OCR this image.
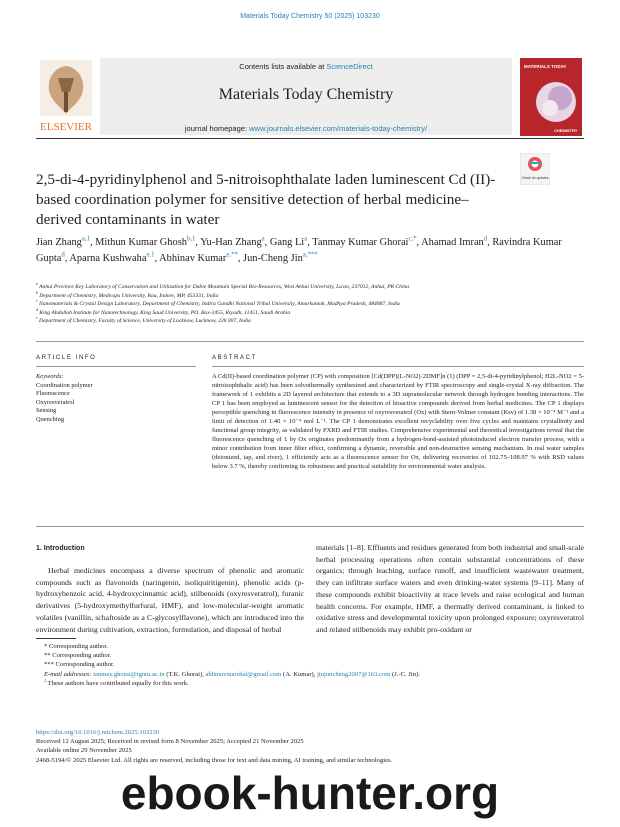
Materials Today Chemistry 50 (2025) 103230
ELSEVIER
Contents lists available at ScienceDirect
Materials Today Chemistry
journal homepage: www.journals.elsevier.com/materials-today-chemistry/
MATERIALS TODAY
CHEMISTRY
2,5-di-4-pyridinylphenol and 5-nitroisophthalate laden luminescent Cd (II)-based coordination polymer for sensitive detection of herbal medicine–derived contaminants in water
Check for updates
Jian Zhang$^{a,1}$, Mithun Kumar Ghosh$^{b,1}$, Yu-Han Zhang$^a$, Gang Li$^a$, Tanmay Kumar Ghorai$^{c,*}$, Ahamad Imran$^d$, Ravindra Kumar Gupta$^d$, Aparna Kushwaha$^{e,1}$, Abhinav Kumar$^{e,**}$, Jun-Cheng Jin$^{a,***}$
$^a$ Anhui Province Key Laboratory of Conservation and Utilization for Dabie Mountain Special Bio-Resources, West Anhui University, Lu'an, 237012, Anhui, PR China
$^b$ Department of Chemistry, Medicaps University, Rau, Indore, MP, 453331, India
$^c$ Nanomaterials & Crystal Design Laboratory, Department of Chemistry, Indira Gandhi National Tribal University, Amarkantak, Madhya Pradesh, 484887, India
$^d$ King Abdullah Institute for Nanotechnology, King Saud University, PO. Box-2455, Riyadh, 11451, Saudi Arabia
$^e$ Department of Chemistry, Faculty of Science, University of Lucknow, Lucknow, 226 007, India
ARTICLE INFO
Keywords:
Coordination polymer
Fluorescence
Oxyresveratrol
Sensing
Quenching
ABSTRACT
A Cd(II)-based coordination polymer (CP) with composition [Cd(DPP)(L-NO2)·2DMF]n (1) (DPP = 2,5-di-4-pyridinylphenol; H2L-NO2 = 5-nitroisophthalic acid) has been solvothermally synthesized and characterized by FTIR spectroscopy and single-crystal X-ray diffraction. The framework of 1 exhibits a 2D layered architecture that extends to a 3D supramolecular network through hydrogen bonding interactions. The CP 1 has been employed as luminescent sensor for the detection of bioactive compounds derived from herbal medicines. The CP 1 displays perceptible quenching in fluorescence intensity in presence of oxyresveratrol (Ox) with Stern-Volmer constant (Ksv) of 1.38 × 10⁻⁴ M⁻¹ and a limit of detection of 1.40 × 10⁻⁴ mol L⁻¹. The CP 1 demonstrates excellent recyclability over five cycles and maintains crystallinity and functional group integrity, as validated by PXRD and FTIR studies. Comprehensive experimental and theoretical investigations reveal that the fluorescence quenching of 1 by Ox originates predominantly from a hydrogen-bond-assisted photoinduced electron transfer process, with a minor contribution from inner filter effect, confirming a dynamic, reversible and non-destructive sensing mechanism. In real water samples (deionized, tap, and river), 1 efficiently acts as a fluorescence sensor for Ox, delivering recoveries of 102.75–108.97 % with RSD values below 3.7 %, thereby confirming its robustness and practical suitability for environmental water analysis.
1. Introduction
Herbal medicines encompass a diverse spectrum of phenolic and aromatic compounds such as flavonoids (naringenin, isoliquiritigenin), phenolic acids (p-hydroxybenzoic acid, 4-hydroxycinnamic acid), stilbenoids (oxyresveratrol), furanic derivatives (5-hydroxymethylfurfural, HMF), and low-molecular-weight aromatic volatiles (vanillin, schaftoside as a C-glycosylflavone), which are introduced into the environment during cultivation, extraction, formulation, and disposal of herbal
materials [1–8]. Effluents and residues generated from both industrial and small-scale herbal processing operations often contain substantial concentrations of these organics; through leaching, surface runoff, and insufficient wastewater treatment, they can infiltrate surface waters and even drinking-water systems [9–11]. Many of these compounds exhibit bioactivity at trace levels and raise ecological and human health concerns. For example, HMF, a thermally derived contaminant, is linked to oxidative stress and developmental toxicity upon prolonged exposure; oxyresveratrol and related stilbenoids may exhibit pro-oxidant or
* Corresponding author.
** Corresponding author.
*** Corresponding author.
E-mail addresses: tanmay.ghorai@igntu.ac.in (T.K. Ghorai), abhinavmarshal@gmail.com (A. Kumar), jinjuncheng2007@163.com (J.-C. Jin).
$^1$ These authors have contributed equally for this work.
https://doi.org/10.1016/j.mtchem.2025.103230
Received 12 August 2025; Received in revised form 8 November 2025; Accepted 21 November 2025
Available online 29 November 2025
2468-5194/© 2025 Elsevier Ltd. All rights are reserved, including those for text and data mining, AI training, and similar technologies.
ebook-hunter.org
